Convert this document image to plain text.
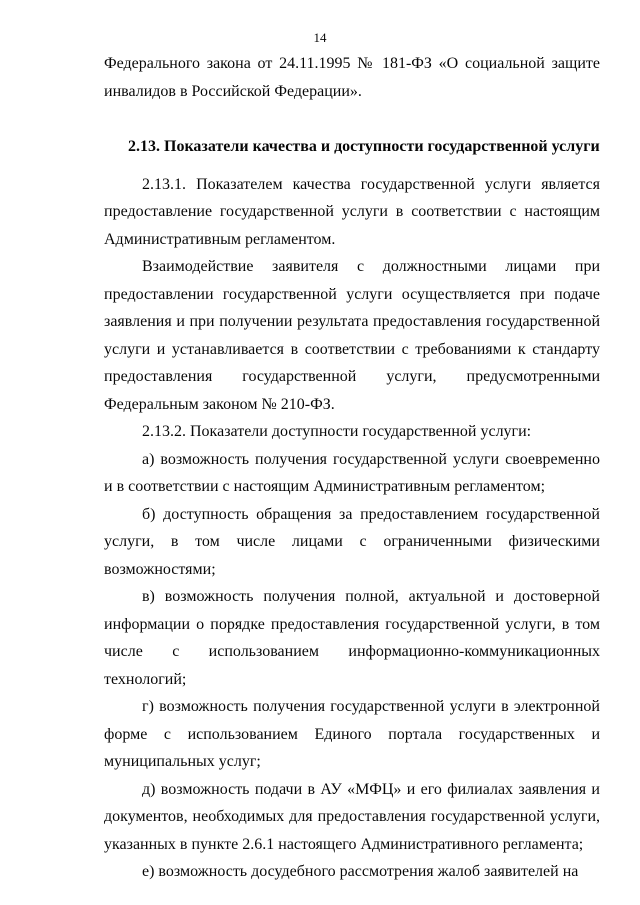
14

Федерального закона от 24.11.1995 № 181-ФЗ «О социальной защите инвалидов в Российской Федерации».

2.13. Показатели качества и доступности государственной услуги

2.13.1. Показателем качества государственной услуги является предоставление государственной услуги в соответствии с настоящим Административным регламентом.

Взаимодействие заявителя с должностными лицами при предоставлении государственной услуги осуществляется при подаче заявления и при получении результата предоставления государственной услуги и устанавливается в соответствии с требованиями к стандарту предоставления государственной услуги, предусмотренными Федеральным законом № 210-ФЗ.

2.13.2. Показатели доступности государственной услуги:

а) возможность получения государственной услуги своевременно и в соответствии с настоящим Административным регламентом;

б) доступность обращения за предоставлением государственной услуги, в том числе лицами с ограниченными физическими возможностями;

в) возможность получения полной, актуальной и достоверной информации о порядке предоставления государственной услуги, в том числе с использованием информационно-коммуникационных технологий;

г) возможность получения государственной услуги в электронной форме с использованием Единого портала государственных и муниципальных услуг;

д) возможность подачи в АУ «МФЦ» и его филиалах заявления и документов, необходимых для предоставления государственной услуги, указанных в пункте 2.6.1 настоящего Административного регламента;

е) возможность досудебного рассмотрения жалоб заявителей на
